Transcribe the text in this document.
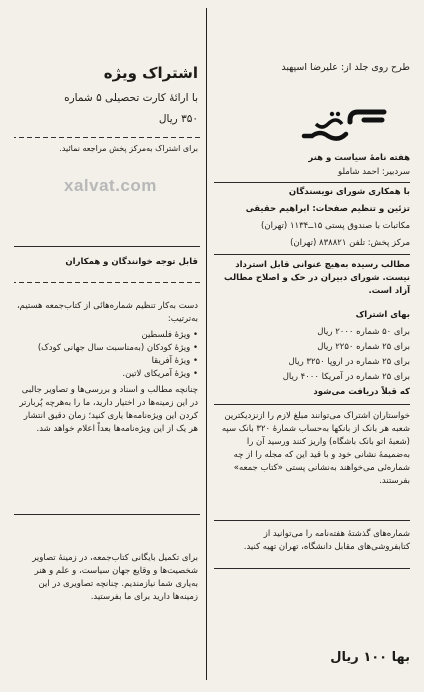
طرح روی جلد از: علیرضا اسپهبد
هفته نامهٔ سیاست و هنر
سردبیر: احمد شاملو
با همکاری شورای نویسندگان
تزئین و تنظیم صفحات: ابراهیم حقیقی
مکاتبات با صندوق پستی ۱۵ــ۱۱۳۴ (تهران)
مرکز پخش: تلفن ۸۳۸۸۲۱ (تهران)
مطالب رسیده به‌هیچ عنوانی قابل استرداد نیست. شورای دبیران در حک و اصلاح مطالب آزاد است.
بهای اشتراک
برای ۵۰ شماره ۲۰۰۰ ریال
برای ۲۵ شماره ۲۲۵۰ ریال
برای ۲۵ شماره در اروپا ۳۲۵۰ ریال
برای ۲۵ شماره در آمریکا ۴۰۰۰ ریال
که قبلاً دریافت می‌شود
خواستاران اشتراک می‌توانند مبلغ لازم را ازنزدیکترین شعبه هر بانک از بانکها به‌حساب شمارهٔ ۳۲۰ بانک سپه (شعبهٔ اتو بانک باشگاه) واریز کنند ورسید آن را به‌ضمیمهٔ نشانی خود و با قید این که مجله را از چه شماره‌ئی می‌خواهند به‌نشانی پستی «کتاب جمعه» بفرستند.
شماره‌های گذشتهٔ هفته‌نامه را می‌توانید از کتابفروشی‌های مقابل دانشگاه، تهران تهیه کنید.
بها ۱۰۰ ریال
اشتراک ویژه
با ارائهٔ کارت تحصیلی ۵ شماره
۳۵۰ ریال
برای اشتراک به‌مرکز پخش مراجعه نمائید.
xalvat.com
قابل توجه خوانندگان و همکاران
دست به‌کار تنظیم شماره‌هائی از کتاب‌جمعه هستیم، به‌ترتیب:
• ویژهٔ فلسطین
• ویژهٔ کودکان (به‌مناسبت سال جهانی کودک)
• ویژهٔ آفریقا
• ویژهٔ آمریکای لاتین.
چنانچه مطالب و اسناد و بررسی‌ها و تصاویر جالبی در این زمینه‌ها در اختیار دارید، ما را به‌هرچه پُربارتر کردن این ویژه‌نامه‌ها یاری کنید؛ زمان دقیق انتشار هر یک از این ویژه‌نامه‌ها بعداً اعلام خواهد شد.
برای تکمیل بایگانی کتاب‌جمعه، در زمینهٔ تصاویر شخصیت‌ها و وقایع جهان سیاست، و علم و هنر به‌یاری شما نیازمندیم. چنانچه تصاویری در این زمینه‌ها دارید برای ما بفرستید.
